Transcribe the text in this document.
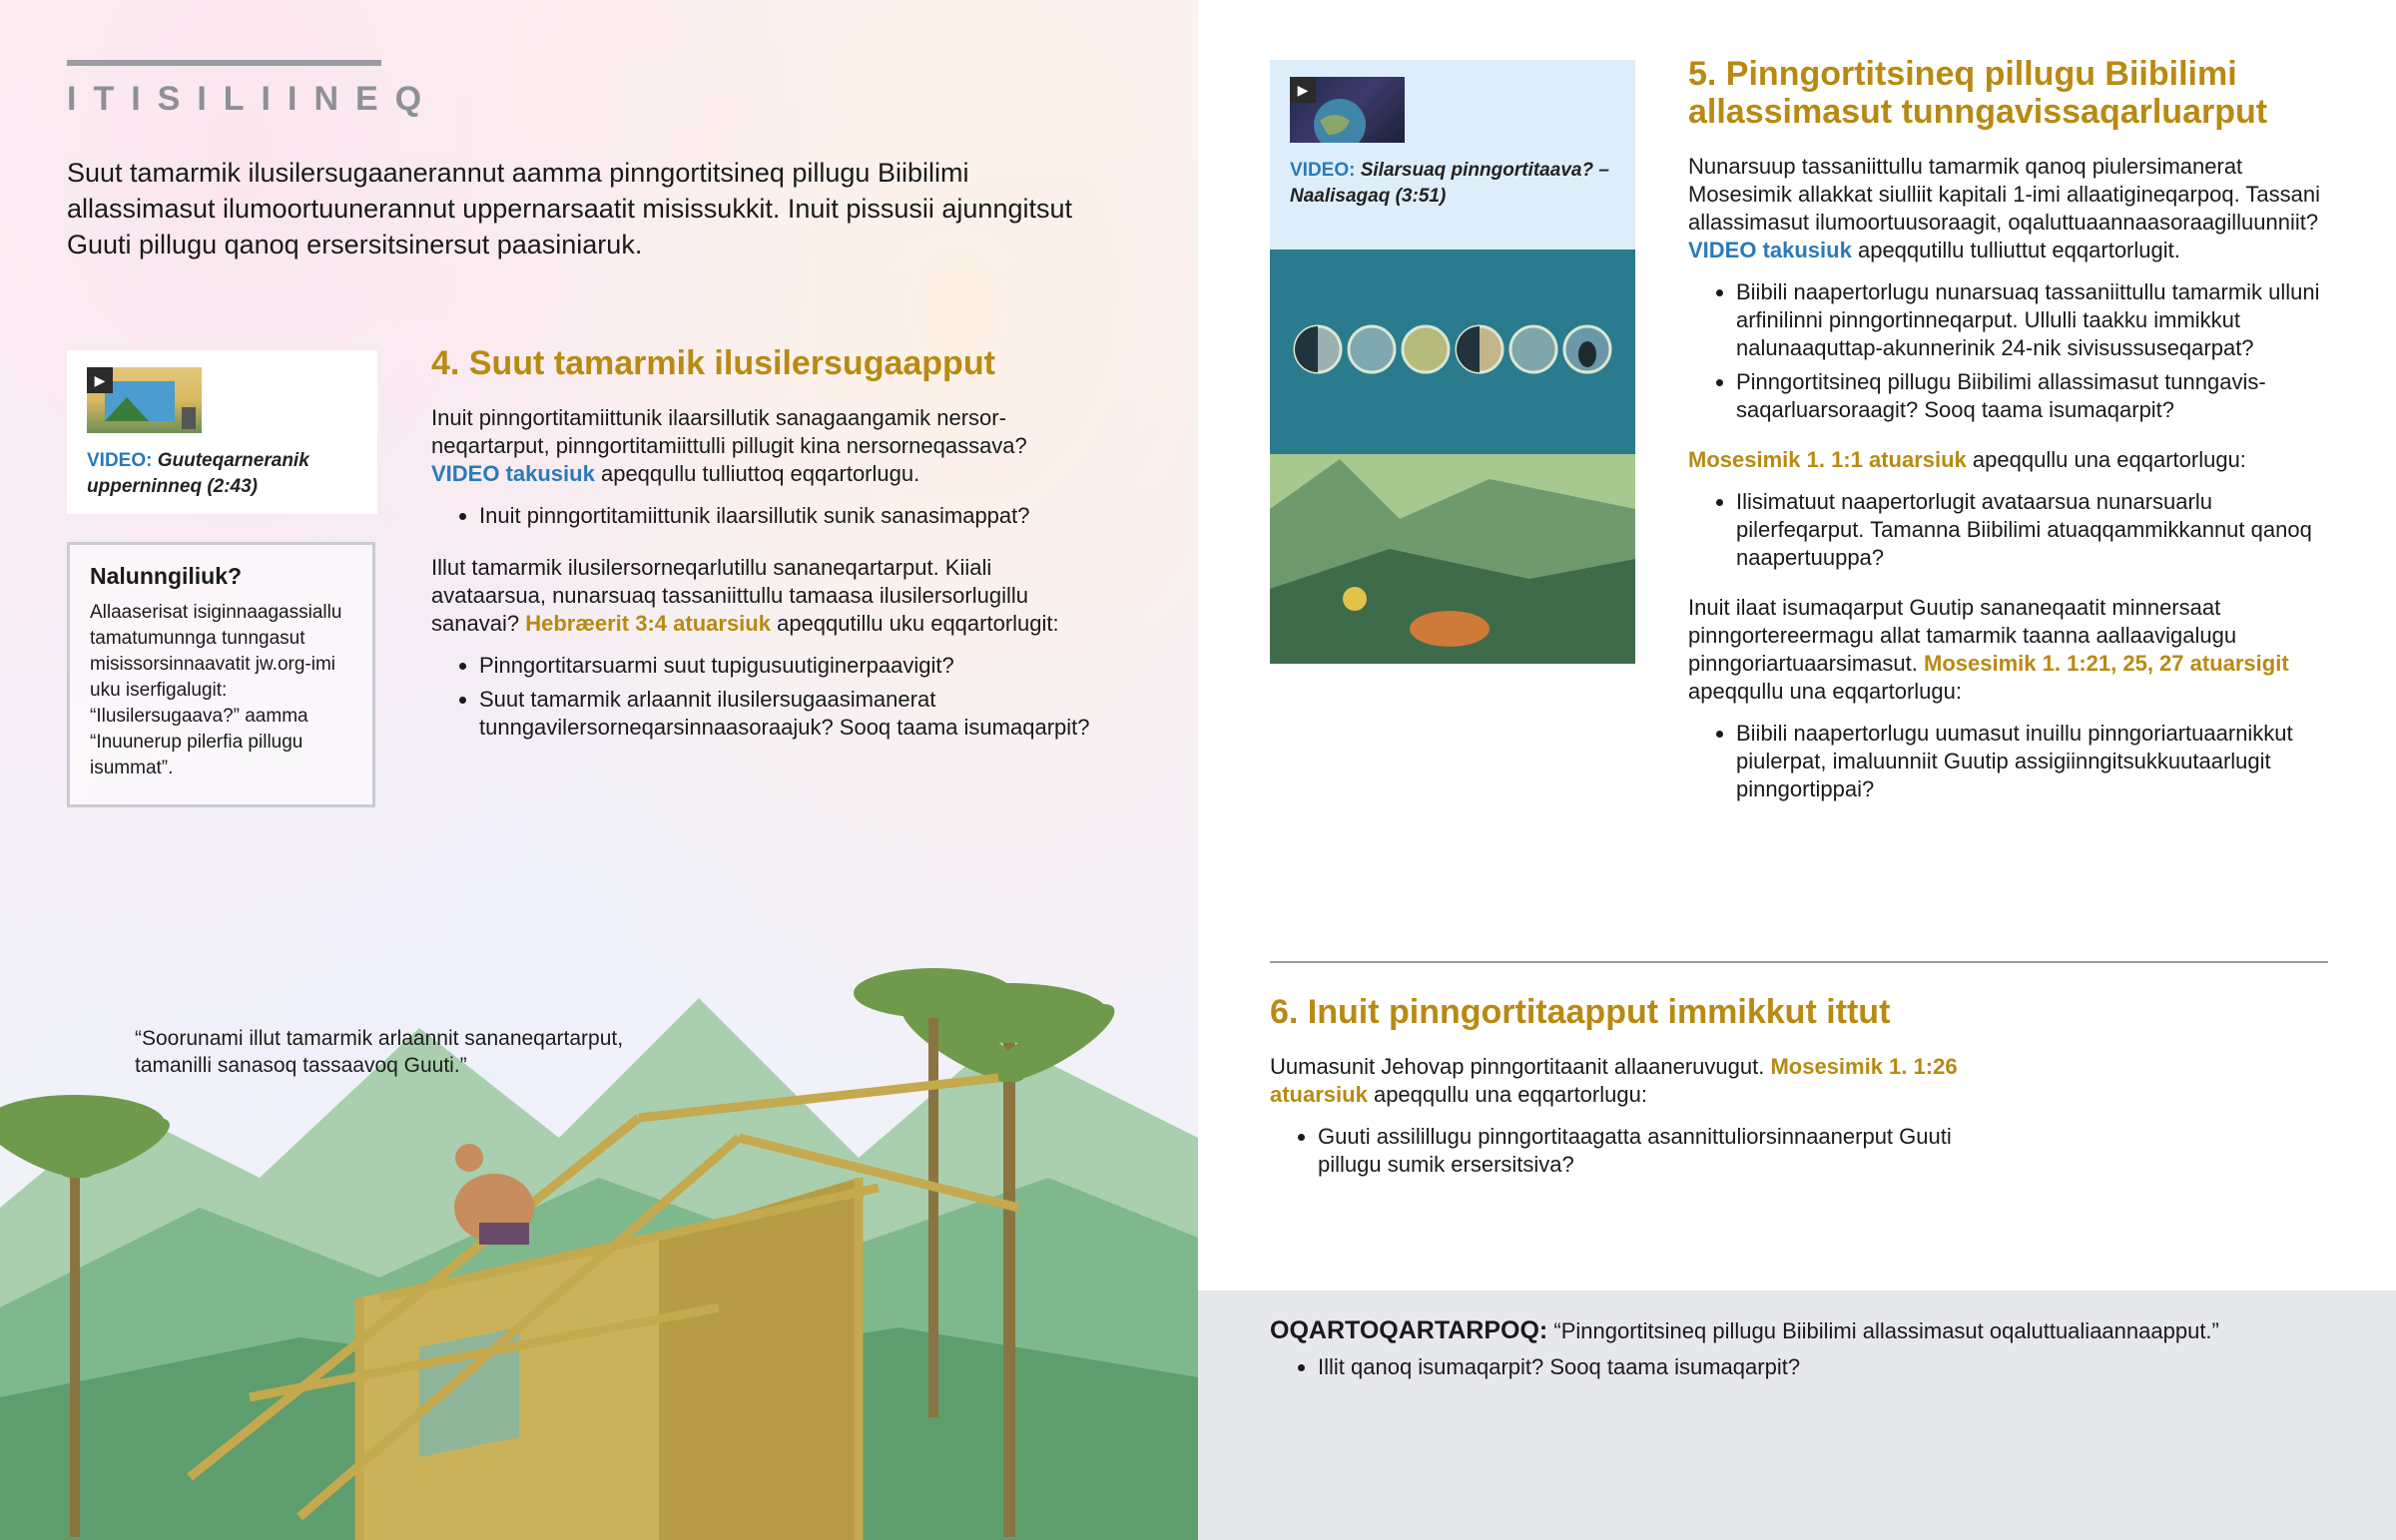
ITISILIINEQ
Suut tamarmik ilusilersugaanerannut aamma pinngortitsineq pillugu Biibilimi allassimasut ilumoortuunerannut uppernarsaatit misissukkit. Inuit pissusii ajunngitsut Guuti pillugu qanoq ersersitsinersut paasiniaruk.
▶
VIDEO: Guuteqarneranik upperninneq (2:43)
Nalunngiliuk?
Allaaserisat isiginnaagassiallu tamatumunnga tunngasut misissorsinnaavatit jw.org-imi uku iserfigalugit: “Ilusilersugaava?” aamma “Inuunerup pilerfia pillugu isummat”.
4. Suut tamarmik ilusilersugaapput

Inuit pinngortitamiittunik ilaarsillutik sanagaangamik nersorneqartarput, pinngortitamiittulli pillugit kina nersorneqassava? VIDEO takusiuk apeqqullu tulliuttoq eqqartorlugu.

• Inuit pinngortitamiittunik ilaarsillutik sunik sanasimappat?

Illut tamarmik ilusilersorneqarlutillu sananeqartarput. Kiiali avataarsua, nunarsuaq tassaniittullu tamaasa ilusilersorlugillu sanavai? Hebræerit 3:4 atuarsiuk apeqqutillu uku eqqartorlugit:

• Pinngortitarsuarmi suut tupigusuutiginerpaavigit?
• Suut tamarmik arlaannit ilusilersugaasimanerat tunngavilersorneqarsinnaasoraajuk? Sooq taama isumaqarpit?
“Soorunami illut tamarmik arlaannit sananeqartarput, tamanilli sanasoq tassaavoq Guuti.”
▶
VIDEO: Silarsuaq pinngortitaava? – Naalisagaq (3:51)
5. Pinngortitsineq pillugu Biibilimi allassimasut tunngavissaqarluarput

Nunarsuup tassaniittullu tamarmik qanoq piulersimanerat Mosesimik allakkat siulliit kapitali 1-imi allaatigineqarpoq. Tassani allassimasut ilumoortuusoraagit, oqaluttuaannaasoraagilluunniit? VIDEO takusiuk apeqqutillu tulliuttut eqqartorlugit.

• Biibili naapertorlugu nunarsuaq tassaniittullu tamarmik ulluni arfinilinni pinngortinneqarput. Ullulli taakku immikkut nalunaaquttap-akunnerinik 24-nik sivisussuseqarpat?
• Pinngortitsineq pillugu Biibilimi allassimasut tunngavissaqarluarsoraagit? Sooq taama isumaqarpit?

Mosesimik 1. 1:1 atuarsiuk apeqqullu una eqqartorlugu:

• Ilisimatuut naapertorlugit avataarsua nunarsuarlu pilerfeqarput. Tamanna Biibilimi atuaqqammikkannut qanoq naapertuuppa?

Inuit ilaat isumaqarput Guutip sananeqaatit minnersaat pinngortereermagu allat tamarmik taanna aallaavigalugu pinngoriartuaarsimasut. Mosesimik 1. 1:21, 25, 27 atuarsigit apeqqullu una eqqartorlugu:

• Biibili naapertorlugu uumasut inuillu pinngoriartuaarnikkut piulerpat, imaluunniit Guutip assigiinngitsukkuutaarlugit pinngortippai?
6. Inuit pinngortitaapput immikkut ittut

Uumasunit Jehovap pinngortitaanit allaaneruvugut. Mosesimik 1. 1:26 atuarsiuk apeqqullu una eqqartorlugu:

• Guuti assilillugu pinngortitaagatta asannittuliorsinnaanerput Guuti pillugu sumik ersersitsiva?
OQARTOQARTARPOQ: “Pinngortitsineq pillugu Biibilimi allassimasut oqaluttualiaannaapput.”
• Illit qanoq isumaqarpit? Sooq taama isumaqarpit?
